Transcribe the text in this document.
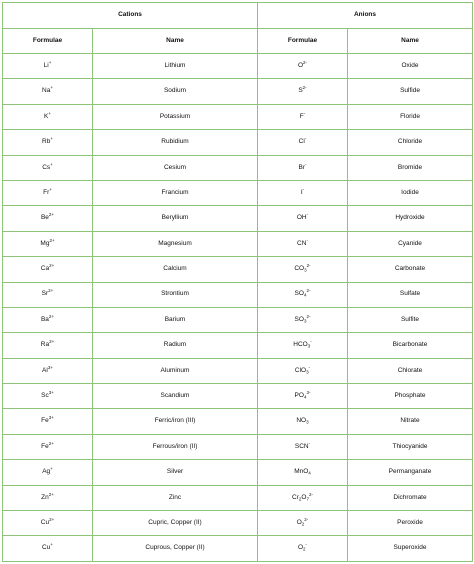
Cations		Anions	
Formulae	Name	Formulae	Name
Li+	Lithium	$O^{2-}$	Oxide
Na+	Sodium	$S^{2-}$	Sulfide
K+	Potassium	F-	Floride
Rb+	Rubidium	Cl-	Chloride
Cs+	Cesium	Br-	Bromide
Fr+	Francium	I-	Iodide
$Be^{2+}$	Beryllium	OH-	Hydroxide
$Mg^{2+}$	Magnesium	CN-	Cyanide
$Ca^{2+}$	Calcium	$CO_3^{2-}$	Carbonate
$Sr^{2+}$	Strontium	$SO_4^{2-}$	Sulfate
$Ba^{2+}$	Barium	$SO_3^{2-}$	Sulfite
$Ra^{2+}$	Radium	$HCO_3^-$	Bicarbonate
$Al^{3+}$	Aluminum	ClO$_3$-	Chlorate
$Sc^{3+}$	Scandium	$PO_4^{3-}$	Phosphate
$Fe^{3+}$	Ferric/iron (III)	$NO_3$	Nitrate
$Fe^{2+}$	Ferrous/iron (II)	SCN-	Thiocyanide
Ag+	Silver	MnO$_4$	Permanganate
$Zn^{2+}$	Zinc	$Cr_2O_7^{2-}$	Dichromate
$Cu^{2+}$	Cupric, Copper (II)	$O_2^{2-}$	Peroxide
Cu+	Cuprous, Copper (II)	$O_2^-$	Superoxide
